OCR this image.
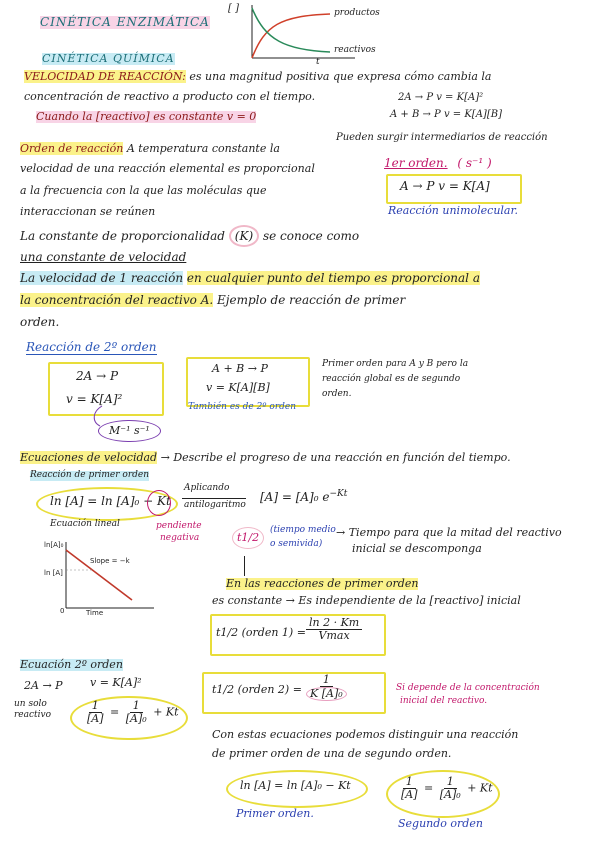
CINÉTICA ENZIMÁTICA
[ ]
t
productos
reactivos
CINÉTICA QUÍMICA
VELOCIDAD DE REACCIÓN: es una magnitud positiva que expresa cómo cambia la
concentración de reactivo a producto con el tiempo.	2A → P v = K[A]²
A + B → P v = K[A][B]
Cuando la [reactivo] es constante v = 0
Pueden surgir intermediarios de reacción
Orden de reacción A temperatura constante la
velocidad de una reacción elemental es proporcional
a la frecuencia con la que las moléculas que
interaccionan se reúnen
1er orden. ( s⁻¹ )
A → P v = K[A]
Reacción unimolecular.
La constante de proporcionalidad (K) se conoce como
una constante de velocidad
La velocidad de 1 reacción en cualquier punto del tiempo es proporcional a
la concentración del reactivo A. Ejemplo de reacción de primer
orden.
Reacción de 2º orden
2A → P
v = K[A]²
M⁻¹ s⁻¹
A + B → P
v = K[A][B]
También es de 2º orden
Primer orden para A y B pero la
reacción global es de segundo
orden.
Ecuaciones de velocidad → Describe el progreso de una reacción en función del tiempo.
Reacción de primer orden
ln [A] = ln [A]₀ − Kt
Aplicando
antilogaritmo
[A] = [A]₀ $e^{-Kt}$
pendiente
negativa
Ecuación lineal
ln[A]₀
ln [A]
Slope = −k
Time
0
t1/2
(tiempo medio
o semivida)
→ Tiempo para que la mitad del reactivo
inicial se descomponga
En las reacciones de primer orden
es constante → Es independiente de la [reactivo] inicial
t1/2 (orden $1) = \frac{\ln 2 \cdot Km}{Vmax}$
Ecuación 2º orden
2A → P v = K[A]²
un solo
reactivo	$\frac{1}{[A]} = \frac{1}{\text{[A]₀}} + Kt$
t1/2 (orden $2) = \frac{1}{\text{K [A]₀}}$	Si depende de la concentración
inicial del reactivo.
Con estas ecuaciones podemos distinguir una reacción
de primer orden de una de segundo orden.
ln [A] = ln [A]₀ − Kt
Primer orden.
$\frac{1}{[A]} = \frac{1}{\text{[A]₀}} + Kt$
Segundo orden
